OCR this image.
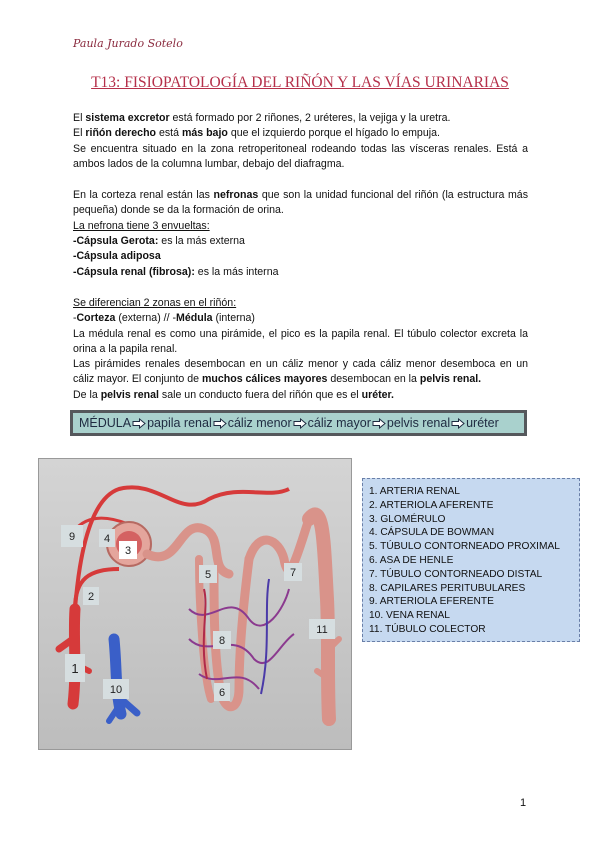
Paula Jurado Sotelo

T13: FISIOPATOLOGÍA DEL RIÑÓN Y LAS VÍAS URINARIAS

El sistema excretor está formado por 2 riñones, 2 uréteres, la vejiga y la uretra.

El riñón derecho está más bajo que el izquierdo porque el hígado lo empuja.

Se encuentra situado en la zona retroperitoneal rodeando todas las vísceras renales. Está a ambos lados de la columna lumbar, debajo del diafragma.

En la corteza renal están las nefronas que son la unidad funcional del riñón (la estructura más pequeña) donde se da la formación de orina.

La nefrona tiene 3 envueltas:

-Cápsula Gerota: es la más externa

-Cápsula adiposa

-Cápsula renal (fibrosa): es la más interna

Se diferencian 2 zonas en el riñón:

-Corteza (externa) // -Médula (interna)

La médula renal es como una pirámide, el pico es la papila renal. El túbulo colector excreta la orina a la papila renal.

Las pirámides renales desembocan en un cáliz menor y cada cáliz menor desemboca en un cáliz mayor. El conjunto de muchos cálices mayores desembocan en la pelvis renal.

De la pelvis renal sale un conducto fuera del riñón que es el uréter.

MÉDULA papila renal cáliz menor cáliz mayor pelvis renal uréter
1
2
3
4
5
6
7
8
9
10
11
1. ARTERIA RENAL
2. ARTERIOLA AFERENTE
3. GLOMÉRULO
4. CÁPSULA DE BOWMAN
5. TÚBULO CONTORNEADO PROXIMAL
6. ASA DE HENLE
7. TÚBULO CONTORNEADO DISTAL
8. CAPILARES PERITUBULARES
9. ARTERIOLA EFERENTE
10. VENA RENAL
11. TÚBULO COLECTOR
1
